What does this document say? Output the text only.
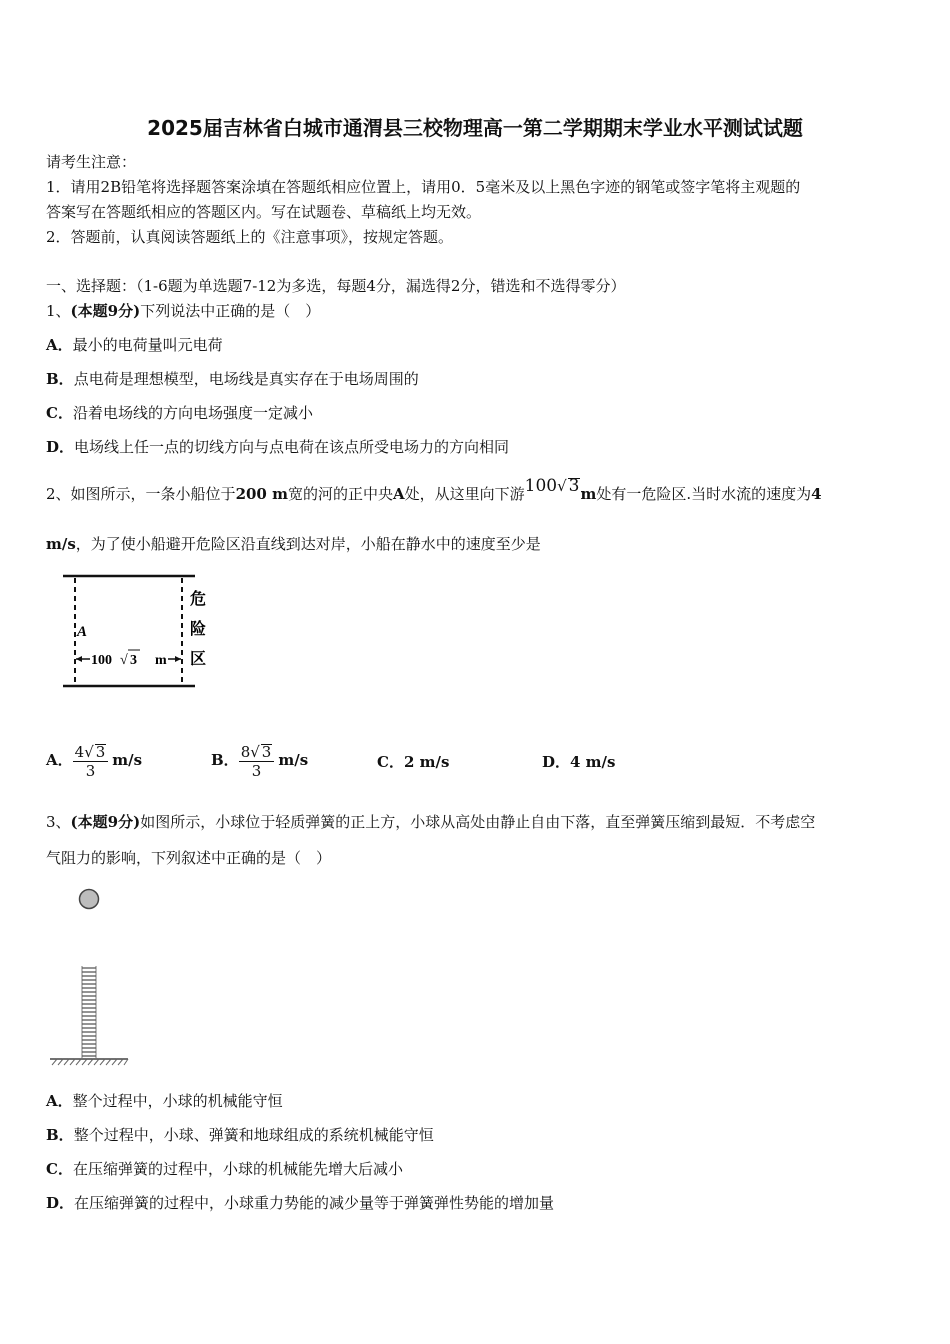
2025届吉林省白城市通渭县三校物理高一第二学期期末学业水平测试试题
请考生注意：
1．请用2B铅笔将选择题答案涂填在答题纸相应位置上，请用0．5毫米及以上黑色字迹的钢笔或签字笔将主观题的
答案写在答题纸相应的答题区内。写在试题卷、草稿纸上均无效。
2．答题前，认真阅读答题纸上的《注意事项》，按规定答题。
一、选择题：（1-6题为单选题7-12为多选，每题4分，漏选得2分，错选和不选得零分）
1、(本题9分)下列说法中正确的是（　）
A．最小的电荷量叫元电荷
B．点电荷是理想模型，电场线是真实存在于电场周围的
C．沿着电场线的方向电场强度一定减小
D．电场线上任一点的切线方向与点电荷在该点所受电场力的方向相同
2、如图所示，一条小船位于200 m宽的河的正中央A处，从这里向下游100√ 3m处有一危险区.当时水流的速度为4
m/s，为了使小船避开危险区沿直线到达对岸，小船在静水中的速度至少是
A
100 √ 3 m
危
险
区
A． $\frac{4√ 3}{3} m/s$	B． $\frac{8√ 3}{3} m/s$	C．2 m/s	D．4 m/s
3、(本题9分)如图所示，小球位于轻质弹簧的正上方，小球从高处由静止自由下落，直至弹簧压缩到最短．不考虑空
气阻力的影响，下列叙述中正确的是（　）
A．整个过程中，小球的机械能守恒
B．整个过程中，小球、弹簧和地球组成的系统机械能守恒
C．在压缩弹簧的过程中，小球的机械能先增大后减小
D．在压缩弹簧的过程中，小球重力势能的减少量等于弹簧弹性势能的增加量
